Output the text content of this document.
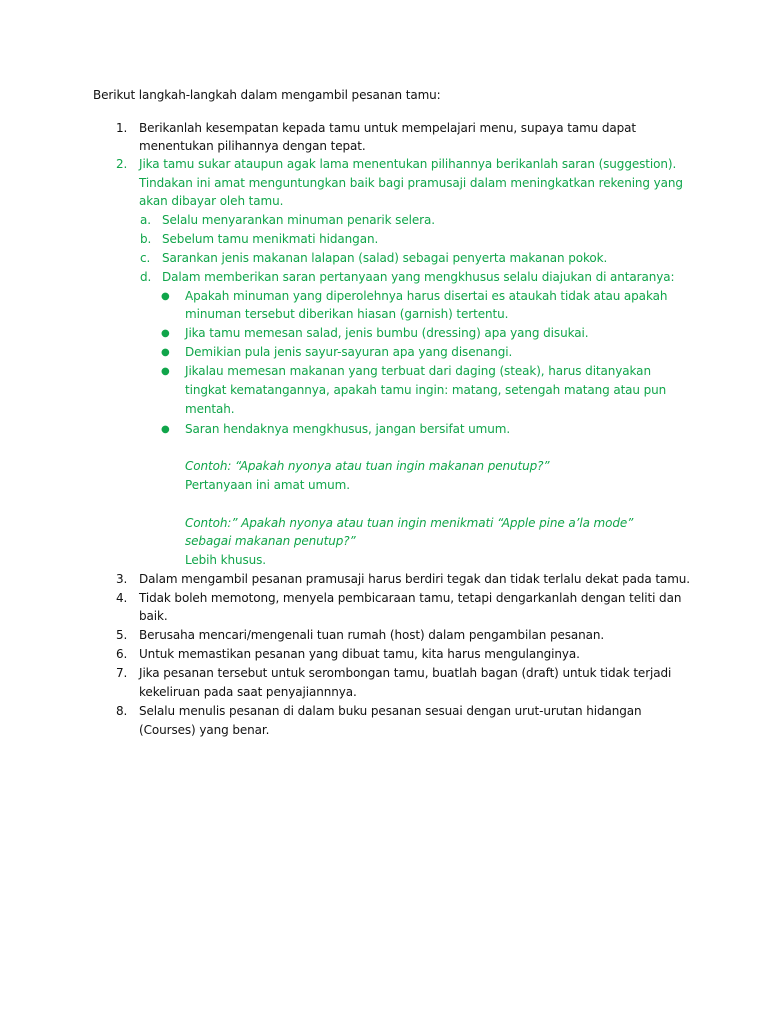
Berikut langkah-langkah dalam mengambil pesanan tamu:
1. Berikanlah kesempatan kepada tamu untuk mempelajari menu, supaya tamu dapat
menentukan pilihannya dengan tepat.
2. Jika tamu sukar ataupun agak lama menentukan pilihannya berikanlah saran (suggestion).
Tindakan ini amat menguntungkan baik bagi pramusaji dalam meningkatkan rekening yang
akan dibayar oleh tamu.
a. Selalu menyarankan minuman penarik selera.
b. Sebelum tamu menikmati hidangan.
c. Sarankan jenis makanan lalapan (salad) sebagai penyerta makanan pokok.
d. Dalam memberikan saran pertanyaan yang mengkhusus selalu diajukan di antaranya:
● Apakah minuman yang diperolehnya harus disertai es ataukah tidak atau apakah
minuman tersebut diberikan hiasan (garnish) tertentu.
● Jika tamu memesan salad, jenis bumbu (dressing) apa yang disukai.
● Demikian pula jenis sayur-sayuran apa yang disenangi.
● Jikalau memesan makanan yang terbuat dari daging (steak), harus ditanyakan
tingkat kematangannya, apakah tamu ingin: matang, setengah matang atau pun
mentah.
● Saran hendaknya mengkhusus, jangan bersifat umum.
Contoh: “Apakah nyonya atau tuan ingin makanan penutup?”
Pertanyaan ini amat umum.
Contoh:” Apakah nyonya atau tuan ingin menikmati “Apple pine a’la mode”
sebagai makanan penutup?”
Lebih khusus.
3. Dalam mengambil pesanan pramusaji harus berdiri tegak dan tidak terlalu dekat pada tamu.
4. Tidak boleh memotong, menyela pembicaraan tamu, tetapi dengarkanlah dengan teliti dan
baik.
5. Berusaha mencari/mengenali tuan rumah (host) dalam pengambilan pesanan.
6. Untuk memastikan pesanan yang dibuat tamu, kita harus mengulanginya.
7. Jika pesanan tersebut untuk serombongan tamu, buatlah bagan (draft) untuk tidak terjadi
kekeliruan pada saat penyajiannnya.
8. Selalu menulis pesanan di dalam buku pesanan sesuai dengan urut-urutan hidangan
(Courses) yang benar.
